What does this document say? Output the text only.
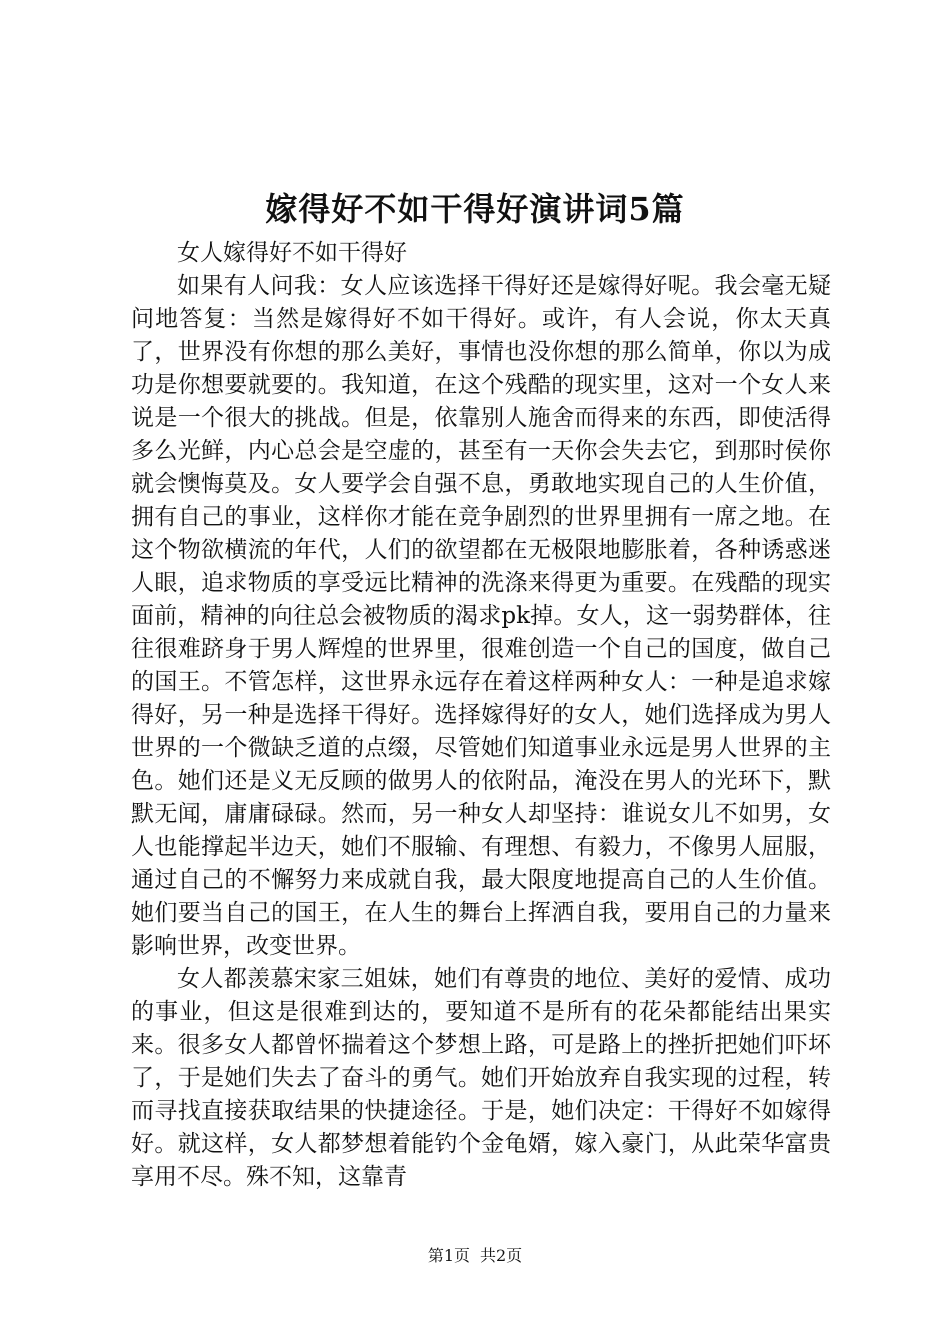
嫁得好不如干得好演讲词5篇

女人嫁得好不如干得好

如果有人问我：女人应该选择干得好还是嫁得好呢。我会毫无疑问地答复：当然是嫁得好不如干得好。或许，有人会说，你太天真了，世界没有你想的那么美好，事情也没你想的那么简单，你以为成功是你想要就要的。我知道，在这个残酷的现实里，这对一个女人来说是一个很大的挑战。但是，依靠别人施舍而得来的东西，即使活得多么光鲜，内心总会是空虚的，甚至有一天你会失去它，到那时侯你就会懊悔莫及。女人要学会自强不息，勇敢地实现自己的人生价值，拥有自己的事业，这样你才能在竞争剧烈的世界里拥有一席之地。在这个物欲横流的年代，人们的欲望都在无极限地膨胀着，各种诱惑迷人眼，追求物质的享受远比精神的洗涤来得更为重要。在残酷的现实面前，精神的向往总会被物质的渴求pk掉。女人，这一弱势群体，往往很难跻身于男人辉煌的世界里，很难创造一个自己的国度，做自己的国王。不管怎样，这世界永远存在着这样两种女人：一种是追求嫁得好，另一种是选择干得好。选择嫁得好的女人，她们选择成为男人世界的一个微缺乏道的点缀，尽管她们知道事业永远是男人世界的主色。她们还是义无反顾的做男人的依附品，淹没在男人的光环下，默默无闻，庸庸碌碌。然而，另一种女人却坚持：谁说女儿不如男，女人也能撑起半边天，她们不服输、有理想、有毅力，不像男人屈服，通过自己的不懈努力来成就自我，最大限度地提高自己的人生价值。她们要当自己的国王，在人生的舞台上挥洒自我，要用自己的力量来影响世界，改变世界。

女人都羡慕宋家三姐妹，她们有尊贵的地位、美好的爱情、成功的事业，但这是很难到达的，要知道不是所有的花朵都能结出果实来。很多女人都曾怀揣着这个梦想上路，可是路上的挫折把她们吓坏了，于是她们失去了奋斗的勇气。她们开始放弃自我实现的过程，转而寻找直接获取结果的快捷途径。于是，她们决定：干得好不如嫁得好。就这样，女人都梦想着能钓个金龟婿，嫁入豪门，从此荣华富贵享用不尽。殊不知，这靠青

第1页 共2页
